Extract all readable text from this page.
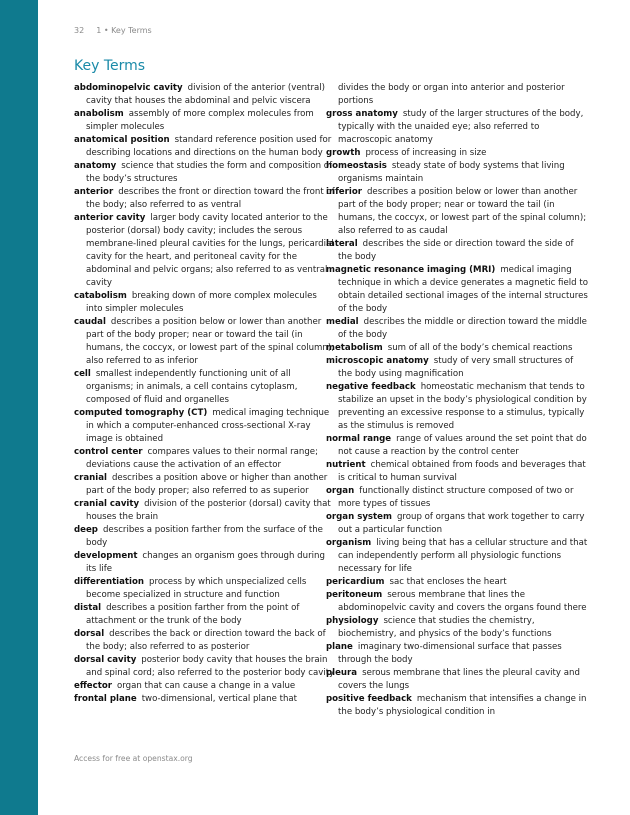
32 1 • Key Terms
Key Terms

abdominopelvic cavity division of the anterior (ventral) cavity that houses the abdominal and pelvic viscera

anabolism assembly of more complex molecules from simpler molecules

anatomical position standard reference position used for describing locations and directions on the human body

anatomy science that studies the form and composition of the body’s structures

anterior describes the front or direction toward the front of the body; also referred to as ventral

anterior cavity larger body cavity located anterior to the posterior (dorsal) body cavity; includes the serous membrane-lined pleural cavities for the lungs, pericardial cavity for the heart, and peritoneal cavity for the abdominal and pelvic organs; also referred to as ventral cavity

catabolism breaking down of more complex molecules into simpler molecules

caudal describes a position below or lower than another part of the body proper; near or toward the tail (in humans, the coccyx, or lowest part of the spinal column); also referred to as inferior

cell smallest independently functioning unit of all organisms; in animals, a cell contains cytoplasm, composed of fluid and organelles

computed tomography (CT) medical imaging technique in which a computer-enhanced cross-sectional X-ray image is obtained

control center compares values to their normal range; deviations cause the activation of an effector

cranial describes a position above or higher than another part of the body proper; also referred to as superior

cranial cavity division of the posterior (dorsal) cavity that houses the brain

deep describes a position farther from the surface of the body

development changes an organism goes through during its life

differentiation process by which unspecialized cells become specialized in structure and function

distal describes a position farther from the point of attachment or the trunk of the body

dorsal describes the back or direction toward the back of the body; also referred to as posterior

dorsal cavity posterior body cavity that houses the brain and spinal cord; also referred to the posterior body cavity

effector organ that can cause a change in a value

frontal plane two-dimensional, vertical plane that

divides the body or organ into anterior and posterior portions

gross anatomy study of the larger structures of the body, typically with the unaided eye; also referred to macroscopic anatomy

growth process of increasing in size

homeostasis steady state of body systems that living organisms maintain

inferior describes a position below or lower than another part of the body proper; near or toward the tail (in humans, the coccyx, or lowest part of the spinal column); also referred to as caudal

lateral describes the side or direction toward the side of the body

magnetic resonance imaging (MRI) medical imaging technique in which a device generates a magnetic field to obtain detailed sectional images of the internal structures of the body

medial describes the middle or direction toward the middle of the body

metabolism sum of all of the body’s chemical reactions

microscopic anatomy study of very small structures of the body using magnification

negative feedback homeostatic mechanism that tends to stabilize an upset in the body’s physiological condition by preventing an excessive response to a stimulus, typically as the stimulus is removed

normal range range of values around the set point that do not cause a reaction by the control center

nutrient chemical obtained from foods and beverages that is critical to human survival

organ functionally distinct structure composed of two or more types of tissues

organ system group of organs that work together to carry out a particular function

organism living being that has a cellular structure and that can independently perform all physiologic functions necessary for life

pericardium sac that encloses the heart

peritoneum serous membrane that lines the abdominopelvic cavity and covers the organs found there

physiology science that studies the chemistry, biochemistry, and physics of the body’s functions

plane imaginary two-dimensional surface that passes through the body

pleura serous membrane that lines the pleural cavity and covers the lungs

positive feedback mechanism that intensifies a change in the body’s physiological condition in

Access for free at openstax.org
